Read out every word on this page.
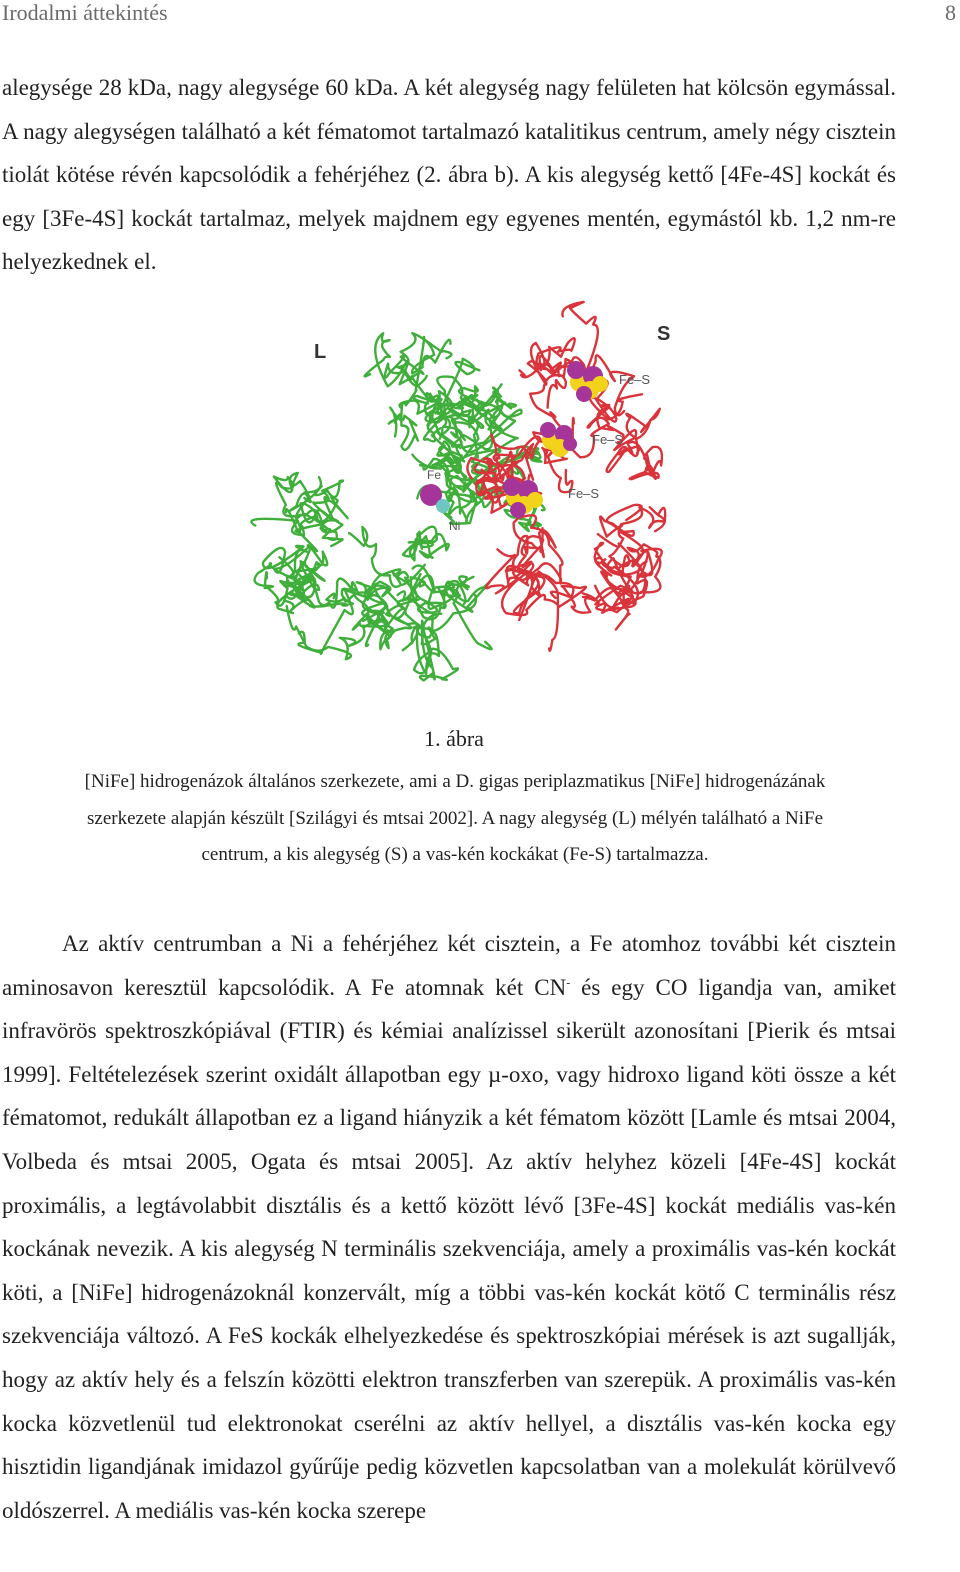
Irodalmi áttekintés	8

alegysége 28 kDa, nagy alegysége 60 kDa. A két alegység nagy felületen hat kölcsön egymással. A nagy alegységen található a két fématomot tartalmazó katalitikus centrum, amely négy cisztein tiolát kötése révén kapcsolódik a fehérjéhez (2. ábra b). A kis alegység kettő [4Fe-4S] kockát és egy [3Fe-4S] kockát tartalmaz, melyek majdnem egy egyenes mentén, egymástól kb. 1,2 nm-re helyezkednek el.

L
S
Fe
Ni
Fe–S
Fe–S
Fe–S
1. ábra
[NiFe] hidrogenázok általános szerkezete, ami a D. gigas periplazmatikus [NiFe] hidrogenázának szerkezete alapján készült [Szilágyi és mtsai 2002]. A nagy alegység (L) mélyén található a NiFe centrum, a kis alegység (S) a vas-kén kockákat (Fe-S) tartalmazza.

Az aktív centrumban a Ni a fehérjéhez két cisztein, a Fe atomhoz további két cisztein aminosavon keresztül kapcsolódik. A Fe atomnak két CN- és egy CO ligandja van, amiket infravörös spektroszkópiával (FTIR) és kémiai analízissel sikerült azonosítani [Pierik és mtsai 1999]. Feltételezések szerint oxidált állapotban egy µ-oxo, vagy hidroxo ligand köti össze a két fématomot, redukált állapotban ez a ligand hiányzik a két fématom között [Lamle és mtsai 2004, Volbeda és mtsai 2005, Ogata és mtsai 2005]. Az aktív helyhez közeli [4Fe-4S] kockát proximális, a legtávolabbit disztális és a kettő között lévő [3Fe-4S] kockát mediális vas-kén kockának nevezik. A kis alegység N terminális szekvenciája, amely a proximális vas-kén kockát köti, a [NiFe] hidrogenázoknál konzervált, míg a többi vas-kén kockát kötő C terminális rész szekvenciája változó. A FeS kockák elhelyezkedése és spektroszkópiai mérések is azt sugallják, hogy az aktív hely és a felszín közötti elektron transzferben van szerepük. A proximális vas-kén kocka közvetlenül tud elektronokat cserélni az aktív hellyel, a disztális vas-kén kocka egy hisztidin ligandjának imidazol gyűrűje pedig közvetlen kapcsolatban van a molekulát körülvevő oldószerrel. A mediális vas-kén kocka szerepe
